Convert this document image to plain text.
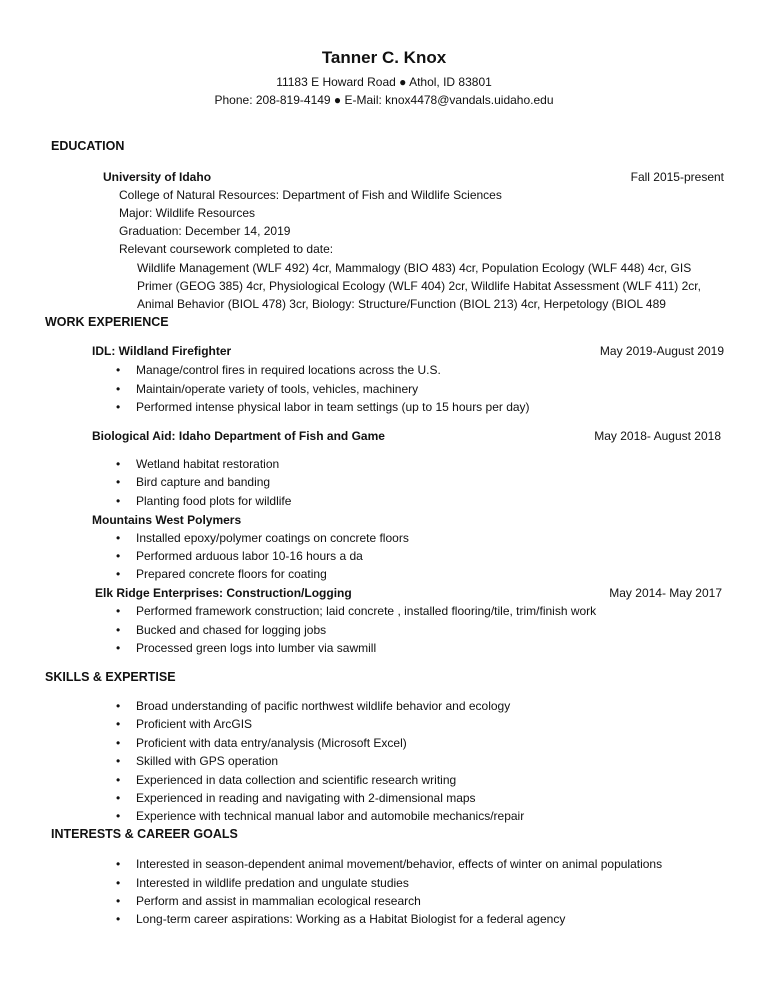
Tanner C. Knox
11183 E Howard Road ● Athol, ID 83801
Phone: 208-819-4149 ● E-Mail: knox4478@vandals.uidaho.edu
EDUCATION
University of Idaho	Fall 2015-present
College of Natural Resources: Department of Fish and Wildlife Sciences
Major: Wildlife Resources
Graduation: December 14, 2019
Relevant coursework completed to date:
Wildlife Management (WLF 492) 4cr, Mammalogy (BIO 483) 4cr, Population Ecology (WLF 448) 4cr, GIS
Primer (GEOG 385) 4cr, Physiological Ecology (WLF 404) 2cr, Wildlife Habitat Assessment (WLF 411) 2cr,
Animal Behavior (BIOL 478) 3cr, Biology: Structure/Function (BIOL 213) 4cr, Herpetology (BIOL 489
WORK EXPERIENCE
IDL: Wildland Firefighter	May 2019-August 2019
• Manage/control fires in required locations across the U.S.
• Maintain/operate variety of tools, vehicles, machinery
• Performed intense physical labor in team settings (up to 15 hours per day)
Biological Aid: Idaho Department of Fish and Game	May 2018- August 2018
• Wetland habitat restoration
• Bird capture and banding
• Planting food plots for wildlife
Mountains West Polymers
• Installed epoxy/polymer coatings on concrete floors
• Performed arduous labor 10-16 hours a da
• Prepared concrete floors for coating
Elk Ridge Enterprises: Construction/Logging	May 2014- May 2017
• Performed framework construction; laid concrete , installed flooring/tile, trim/finish work
• Bucked and chased for logging jobs
• Processed green logs into lumber via sawmill
SKILLS & EXPERTISE
• Broad understanding of pacific northwest wildlife behavior and ecology
• Proficient with ArcGIS
• Proficient with data entry/analysis (Microsoft Excel)
• Skilled with GPS operation
• Experienced in data collection and scientific research writing
• Experienced in reading and navigating with 2-dimensional maps
• Experience with technical manual labor and automobile mechanics/repair
INTERESTS & CAREER GOALS
• Interested in season-dependent animal movement/behavior, effects of winter on animal populations
• Interested in wildlife predation and ungulate studies
• Perform and assist in mammalian ecological research
• Long-term career aspirations: Working as a Habitat Biologist for a federal agency
